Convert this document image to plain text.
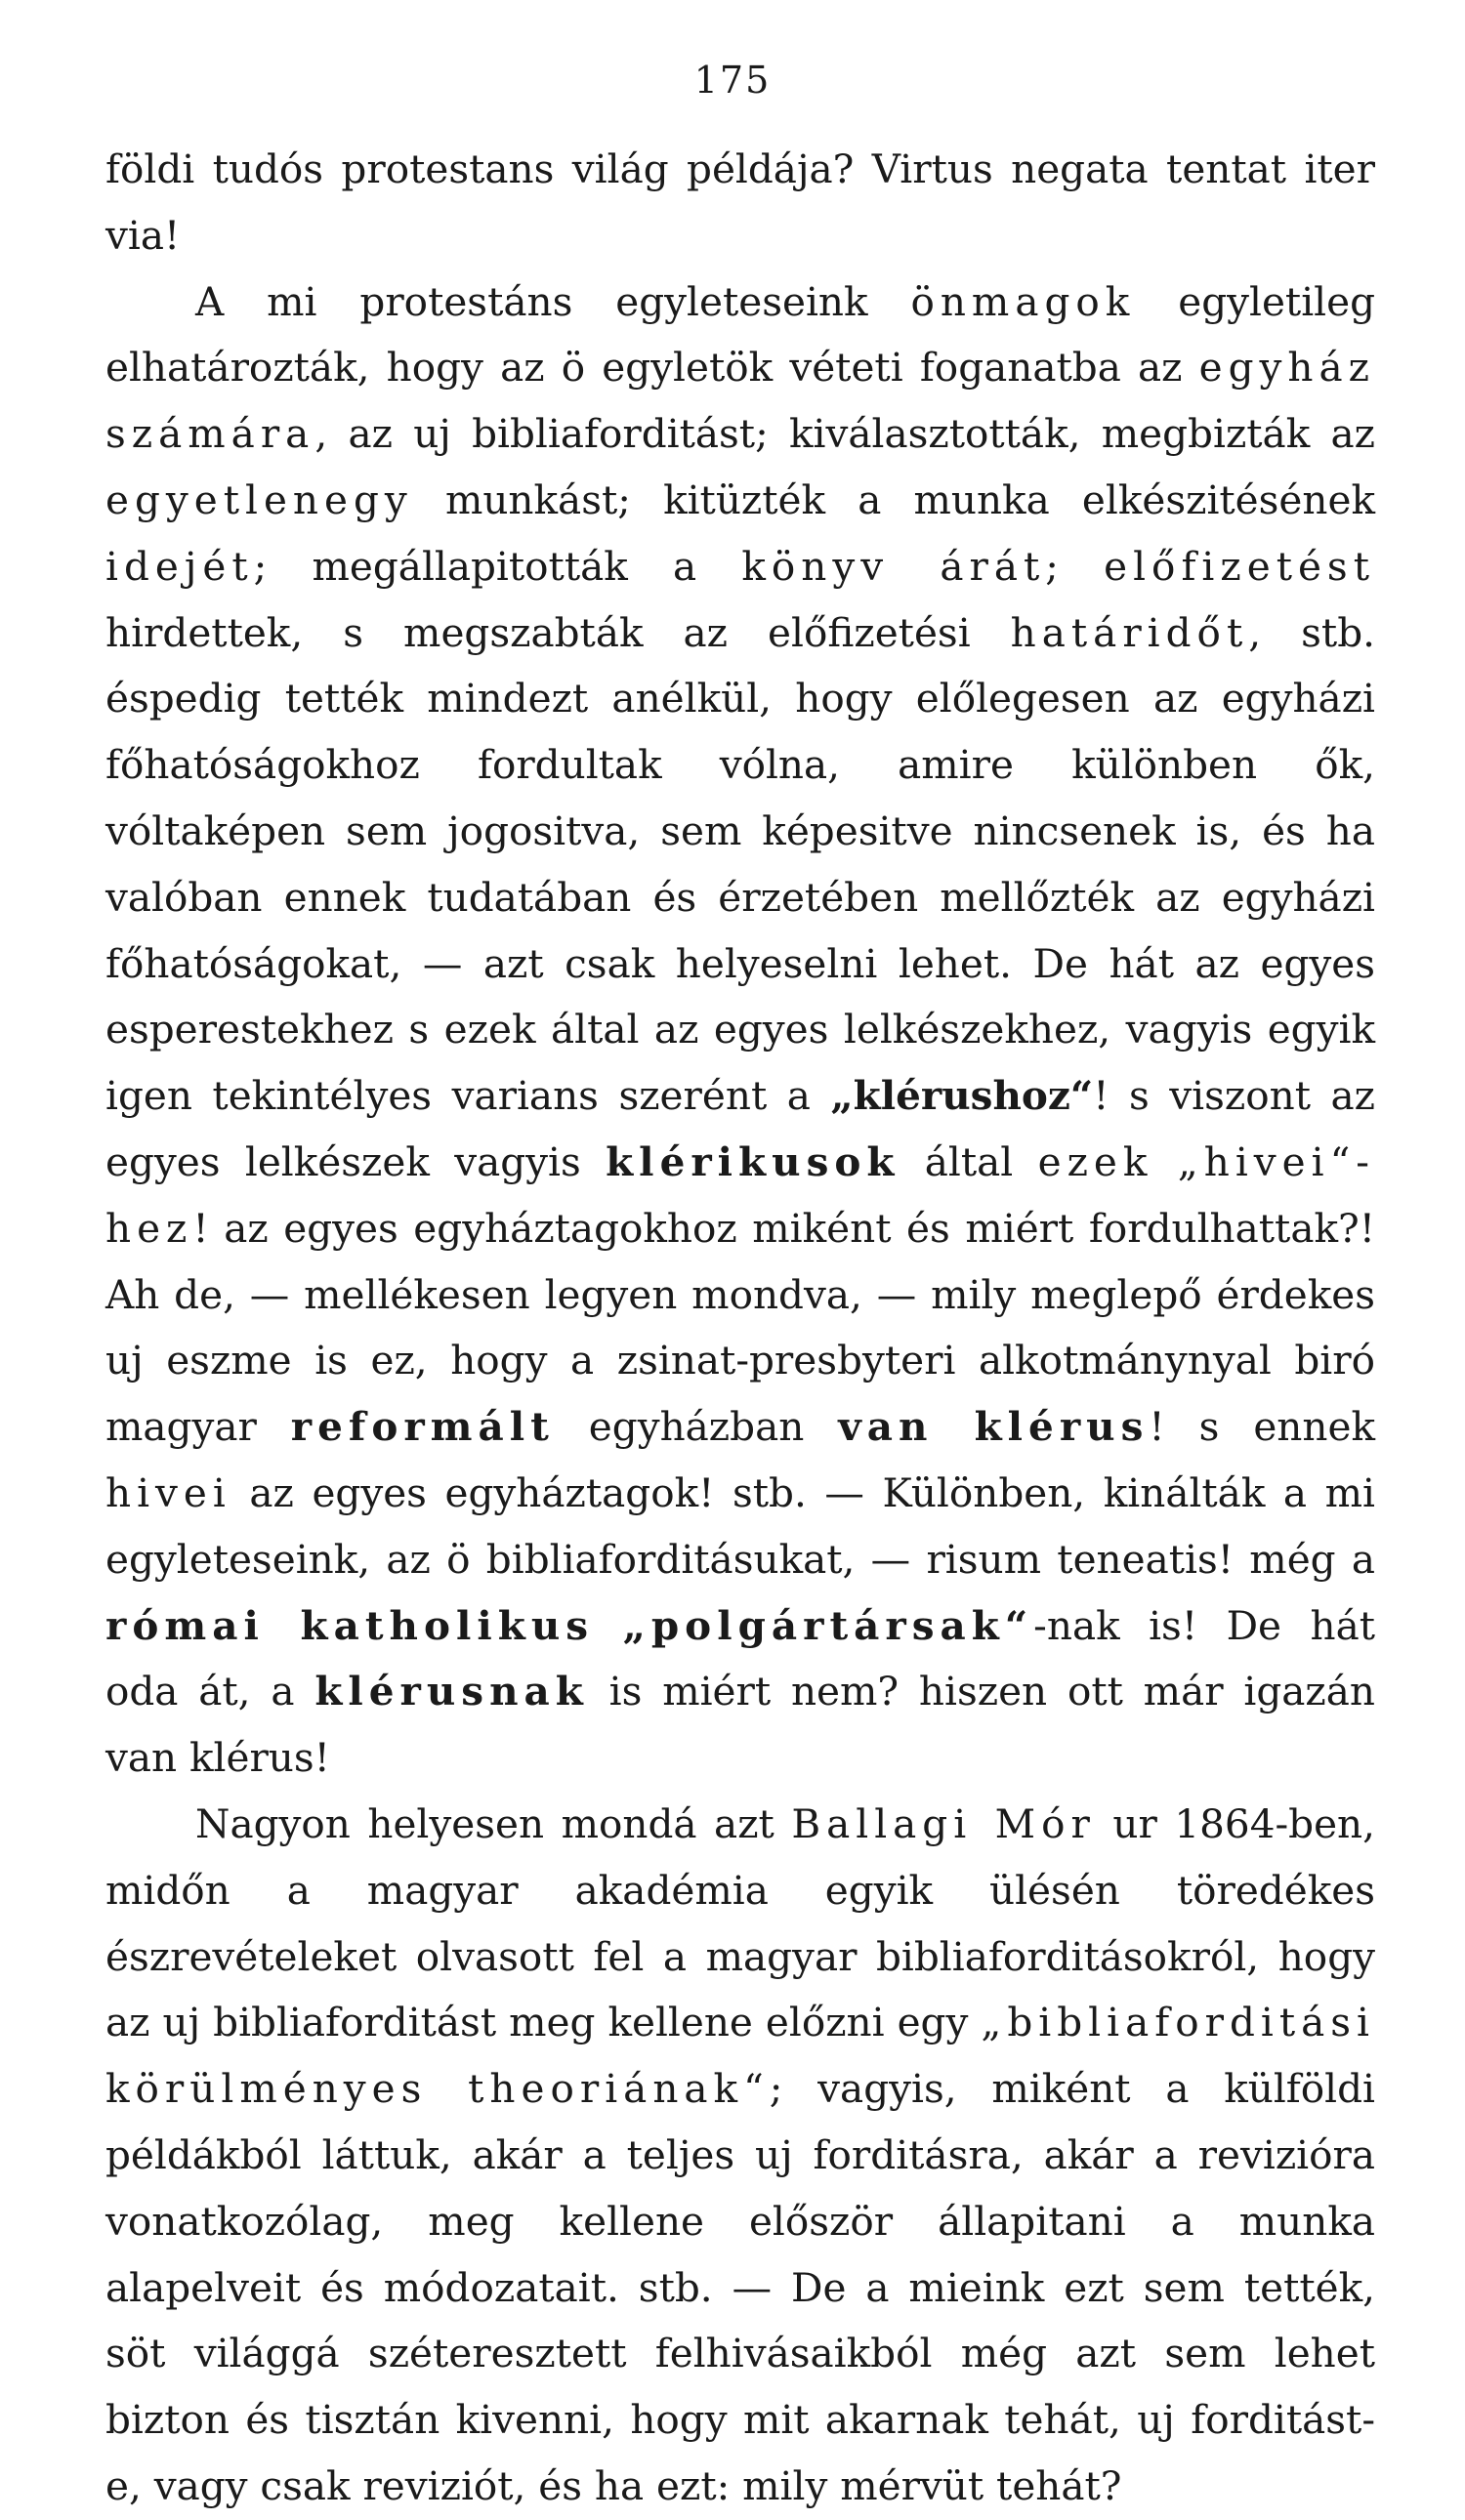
175

földi tudós protestans világ példája? Virtus negata tentat iter via!

A mi protestáns egyleteseink önmagok egyletileg elhatározták, hogy az ö egyletök véteti foganatba az egyház számára, az uj bibliaforditást; kiválasztották, megbizták az egyetlenegy munkást; kitüzték a munka elkészitésének idejét; megállapitották a könyv árát; előfizetést hirdettek, s megszabták az előfizetési határidőt, stb. éspedig tették mindezt anélkül, hogy előlegesen az egyházi főhatóságokhoz fordultak vólna, amire különben ők, vóltaképen sem jogositva, sem képesitve nincsenek is, és ha valóban ennek tudatában és érzetében mellőzték az egyházi főhatóságokat, — azt csak helyeselni lehet. De hát az egyes esperestekhez s ezek által az egyes lelkészekhez, vagyis egyik igen tekintélyes varians szerént a „klérushoz“! s viszont az egyes lelkészek vagyis klérikusok által ezek „hivei“-hez! az egyes egyháztagokhoz miként és miért fordulhattak?! Ah de, — mellékesen legyen mondva, — mily meglepő érdekes uj eszme is ez, hogy a zsinat-presbyteri alkotmánynyal biró magyar reformált egyházban van klérus! s ennek hivei az egyes egyháztagok! stb. — Különben, kinálták a mi egyleteseink, az ö bibliaforditásukat, — risum teneatis! még a római katholikus „polgártársak“-nak is! De hát oda át, a klérusnak is miért nem? hiszen ott már igazán van klérus!

Nagyon helyesen mondá azt Ballagi Mór ur 1864-ben, midőn a magyar akadémia egyik ülésén töredékes észrevételeket olvasott fel a magyar bibliaforditásokról, hogy az uj bibliaforditást meg kellene előzni egy „bibliaforditási körülményes theoriának“; vagyis, miként a külföldi példákból láttuk, akár a teljes uj forditásra, akár a revizióra vonatkozólag, meg kellene először állapitani a munka alapelveit és módozatait. stb. — De a mieink ezt sem tették, söt világgá széteresztett felhivásaikból még azt sem lehet bizton és tisztán kivenni, hogy mit akarnak tehát, uj forditást-e, vagy csak reviziót, és ha ezt: mily mérvüt tehát?
